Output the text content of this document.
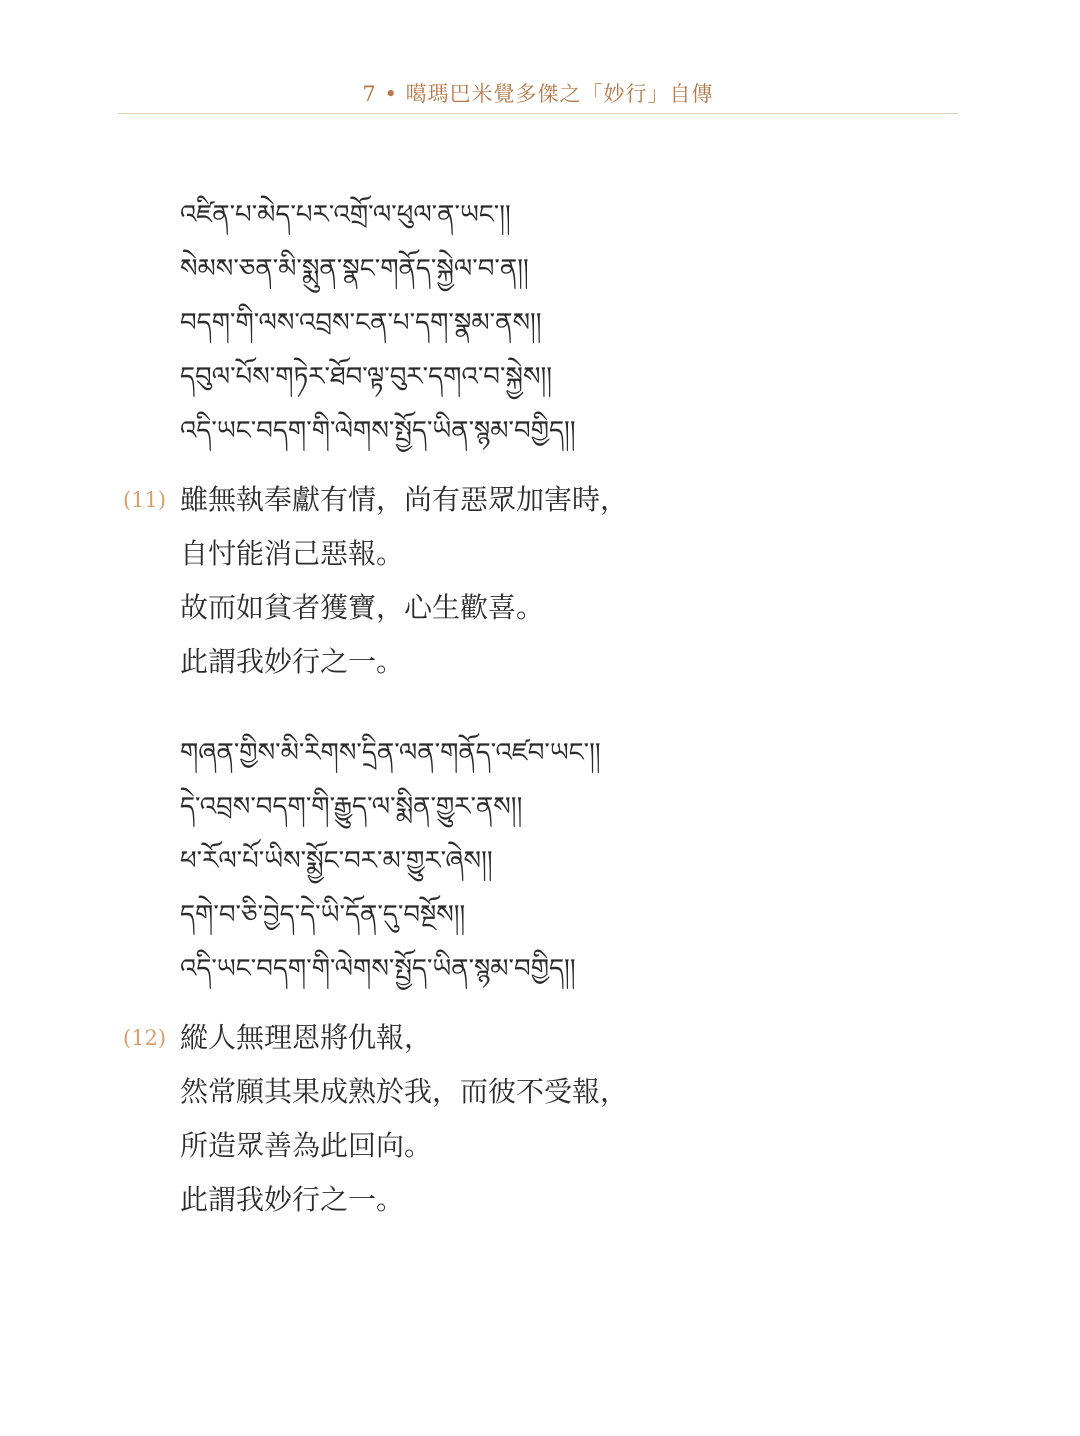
7 • 噶瑪巴米覺多傑之「妙行」自傳
འཛིན་པ་མེད་པར་འགྲོ་ལ་ཕུལ་ན་ཡང་།།
སེམས་ཅན་མི་སྨུན་སྣང་གནོད་སྐྱེལ་བ་ན།།
བདག་གི་ལས་འབྲས་ངན་པ་དག་སྣམ་ནས།།
དབུལ་པོས་གཏེར་ཐོབ་ལྟ་བུར་དགའ་བ་སྐྱེས།།
འདི་ཡང་བདག་གི་ལེགས་སྤྱོད་ཡིན་སྙམ་བགྱིད།།
(11) 雖無執奉獻有情，尚有惡眾加害時，
自忖能消己惡報。
故而如貧者獲寶，心生歡喜。
此謂我妙行之一。
གཞན་གྱིས་མི་རིགས་དྲིན་ལན་གནོད་འཛབ་ཡང་།།
དེ་འབྲས་བདག་གི་རྒྱུད་ལ་སྨིན་གྱུར་ནས།།
ཕ་རོལ་པོ་ཡིས་སྨྱོང་བར་མ་གྱུར་ཞེས།།
དགེ་བ་ཅི་བྱེད་དེ་ཡི་དོན་དུ་བསྔོས།།
འདི་ཡང་བདག་གི་ལེགས་སྤྱོད་ཡིན་སྙམ་བགྱིད།།
(12) 縱人無理恩將仇報，
然常願其果成熟於我，而彼不受報，
所造眾善為此回向。
此謂我妙行之一。
